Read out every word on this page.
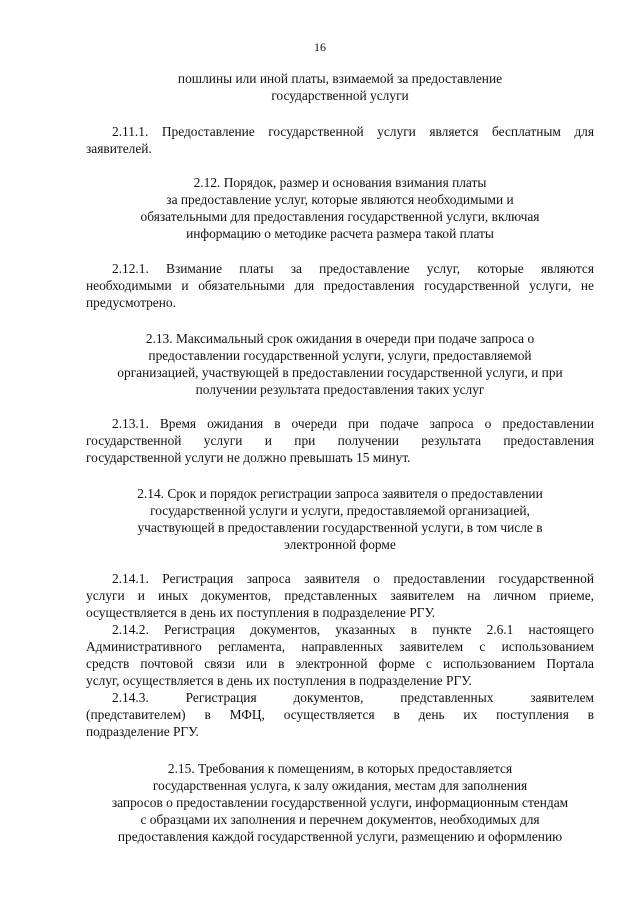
16
пошлины или иной платы, взимаемой за предоставление
государственной услуги
2.11.1. Предоставление государственной услуги является бесплатным для
заявителей.
2.12. Порядок, размер и основания взимания платы
за предоставление услуг, которые являются необходимыми и
обязательными для предоставления государственной услуги, включая
информацию о методике расчета размера такой платы
2.12.1. Взимание платы за предоставление услуг, которые являются
необходимыми и обязательными для предоставления государственной услуги, не
предусмотрено.
2.13. Максимальный срок ожидания в очереди при подаче запроса о
предоставлении государственной услуги, услуги, предоставляемой
организацией, участвующей в предоставлении государственной услуги, и при
получении результата предоставления таких услуг
2.13.1. Время ожидания в очереди при подаче запроса о предоставлении
государственной услуги и при получении результата предоставления
государственной услуги не должно превышать 15 минут.
2.14. Срок и порядок регистрации запроса заявителя о предоставлении
государственной услуги и услуги, предоставляемой организацией,
участвующей в предоставлении государственной услуги, в том числе в
электронной форме
2.14.1. Регистрация запроса заявителя о предоставлении государственной
услуги и иных документов, представленных заявителем на личном приеме,
осуществляется в день их поступления в подразделение РГУ.
2.14.2. Регистрация документов, указанных в пункте 2.6.1 настоящего
Административного регламента, направленных заявителем с использованием
средств почтовой связи или в электронной форме с использованием Портала
услуг, осуществляется в день их поступления в подразделение РГУ.
2.14.3. Регистрация документов, представленных заявителем
(представителем) в МФЦ, осуществляется в день их поступления в
подразделение РГУ.
2.15. Требования к помещениям, в которых предоставляется
государственная услуга, к залу ожидания, местам для заполнения
запросов о предоставлении государственной услуги, информационным стендам
с образцами их заполнения и перечнем документов, необходимых для
предоставления каждой государственной услуги, размещению и оформлению
